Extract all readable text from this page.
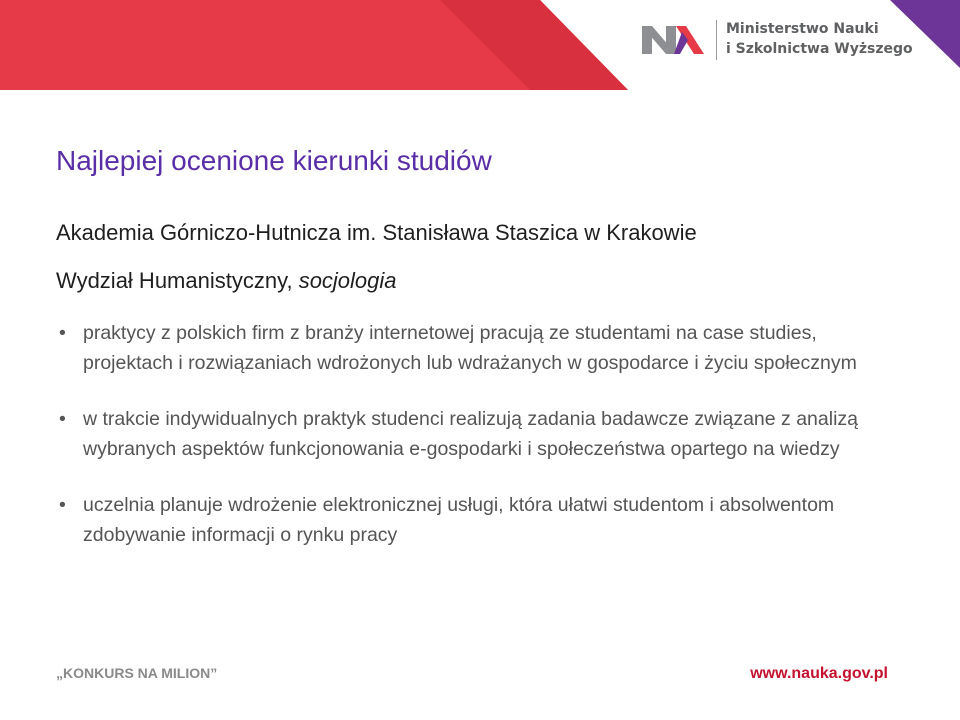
Ministerstwo Nauki
i Szkolnictwa Wyższego
Najlepiej ocenione kierunki studiów

Akademia Górniczo-Hutnicza im. Stanisława Staszica w Krakowie

Wydział Humanistyczny, socjologia

• praktycy z polskich firm z branży internetowej pracują ze studentami na case studies, projektach i rozwiązaniach wdrożonych lub wdrażanych w gospodarce i życiu społecznym
• w trakcie indywidualnych praktyk studenci realizują zadania badawcze związane z analizą wybranych aspektów funkcjonowania e-gospodarki i społeczeństwa opartego na wiedzy
• uczelnia planuje wdrożenie elektronicznej usługi, która ułatwi studentom i absolwentom zdobywanie informacji o rynku pracy
„KONKURS NA MILION”	www.nauka.gov.pl
